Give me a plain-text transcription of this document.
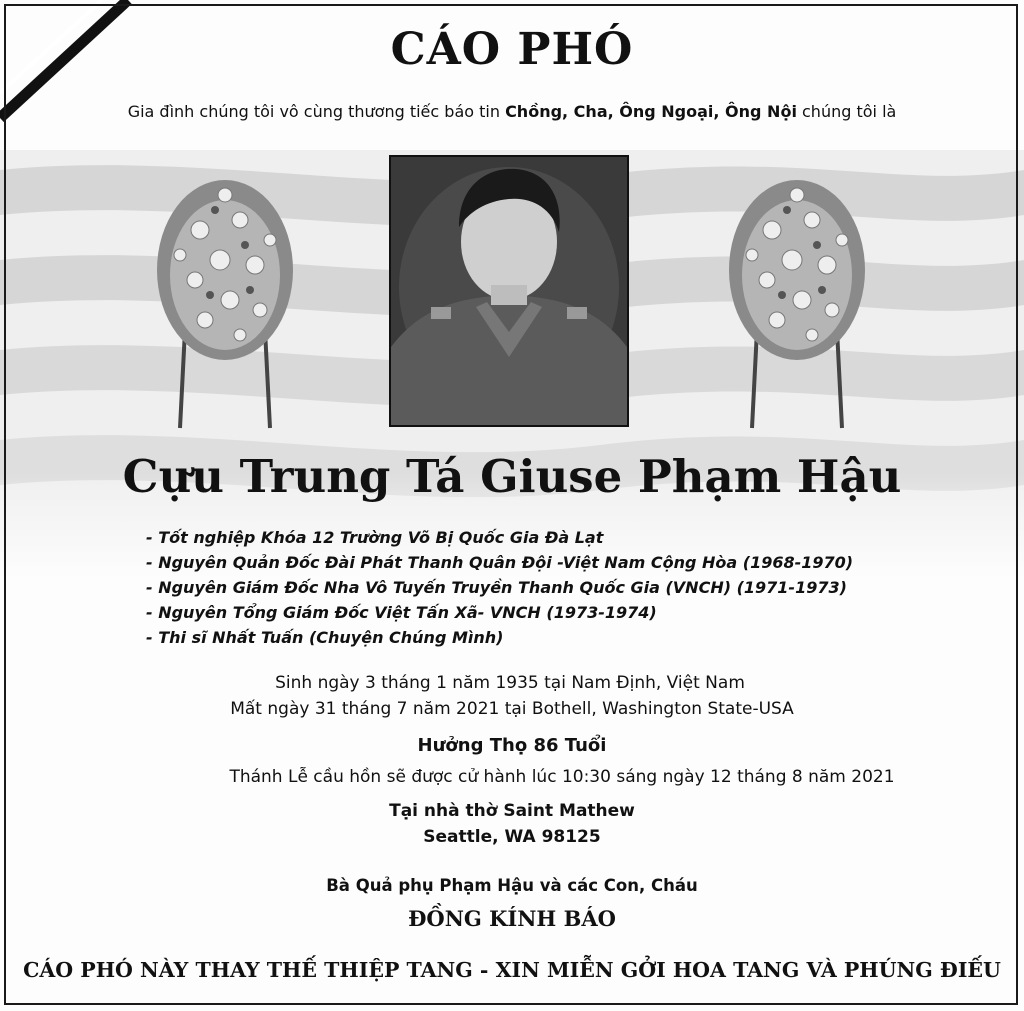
CÁO PHÓ
Gia đình chúng tôi vô cùng thương tiếc báo tin Chồng, Cha, Ông Ngoại, Ông Nội chúng tôi là
Cựu Trung Tá Giuse Phạm Hậu
- Tốt nghiệp Khóa 12 Trường Võ Bị Quốc Gia Đà Lạt
- Nguyên Quản Đốc Đài Phát Thanh Quân Đội -Việt Nam Cộng Hòa (1968-1970)
- Nguyên Giám Đốc Nha Vô Tuyến Truyền Thanh Quốc Gia (VNCH) (1971-1973)
- Nguyên Tổng Giám Đốc Việt Tấn Xã- VNCH (1973-1974)
- Thi sĩ Nhất Tuấn (Chuyện Chúng Mình)
Sinh ngày 3 tháng 1 năm 1935 tại Nam Định, Việt Nam
Mất ngày 31 tháng 7 năm 2021 tại Bothell, Washington State-USA
Hưởng Thọ 86 Tuổi
Thánh Lễ cầu hồn sẽ được cử hành lúc 10:30 sáng ngày 12 tháng 8 năm 2021
Tại nhà thờ Saint Mathew
Seattle, WA 98125
Bà Quả phụ Phạm Hậu và các Con, Cháu
ĐỒNG KÍNH BÁO
CÁO PHÓ NÀY THAY THẾ THIỆP TANG - XIN MIỄN GỞI HOA TANG VÀ PHÚNG ĐIẾU
